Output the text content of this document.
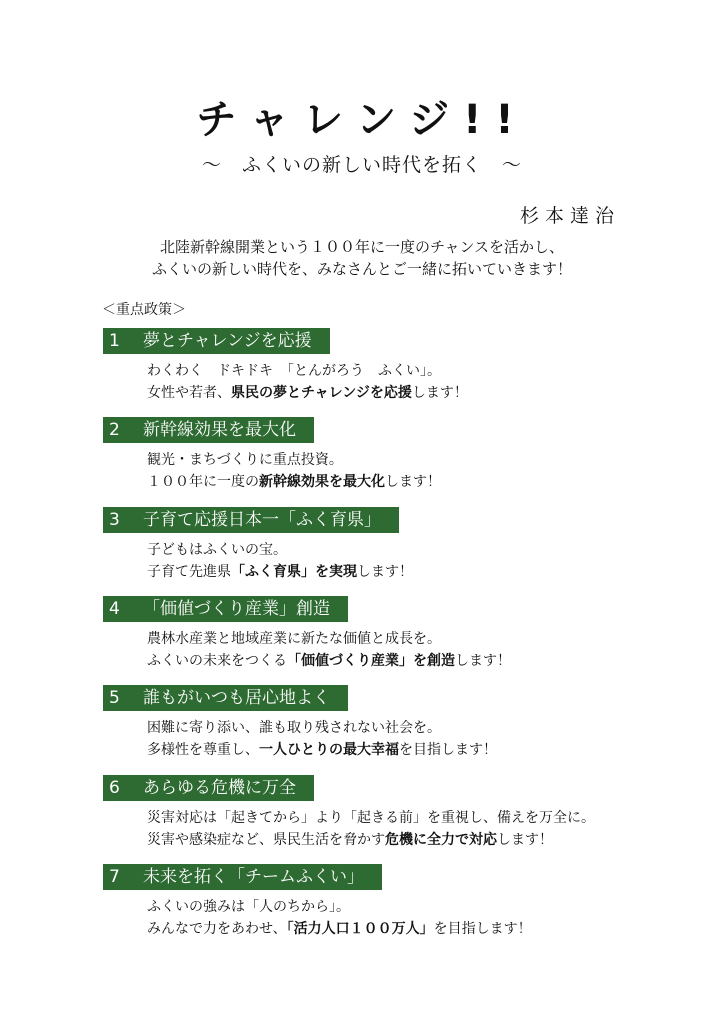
チャレンジ!!
～　ふくいの新しい時代を拓く　～
杉本達治
北陸新幹線開業という１００年に一度のチャンスを活かし、
ふくいの新しい時代を、みなさんとご一緒に拓いていきます！
＜重点政策＞
1 夢とチャレンジを応援
わくわく　ドキドキ　「とんがろう　ふくい」。
女性や若者、県民の夢とチャレンジを応援します！
2 新幹線効果を最大化
観光・まちづくりに重点投資。
１００年に一度の新幹線効果を最大化します！
3 子育て応援日本一「ふく育県」
子どもはふくいの宝。
子育て先進県「ふく育県」を実現します！
4 「価値づくり産業」創造
農林水産業と地域産業に新たな価値と成長を。
ふくいの未来をつくる「価値づくり産業」を創造します！
5 誰もがいつも居心地よく
困難に寄り添い、誰も取り残されない社会を。
多様性を尊重し、一人ひとりの最大幸福を目指します！
6 あらゆる危機に万全
災害対応は「起きてから」より「起きる前」を重視し、備えを万全に。
災害や感染症など、県民生活を脅かす危機に全力で対応します！
7 未来を拓く「チームふくい」
ふくいの強みは「人のちから」。
みんなで力をあわせ、「活力人口１００万人」を目指します！
